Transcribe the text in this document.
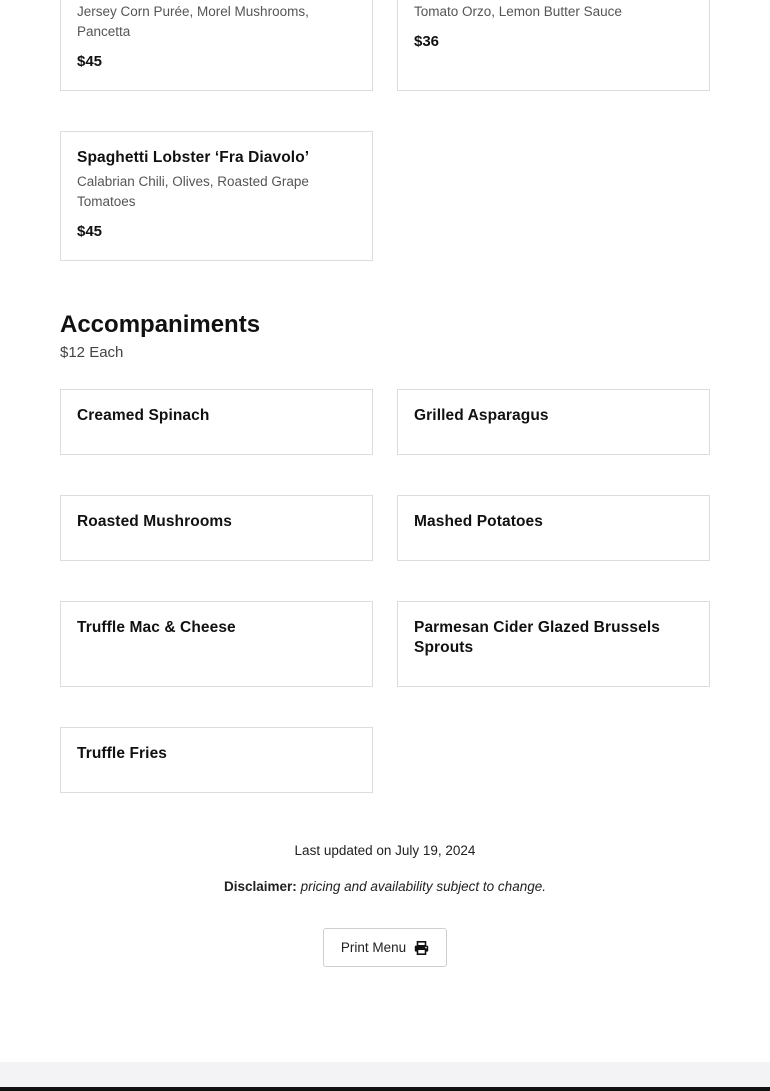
Jersey Corn Purée, Morel Mushrooms, Pancetta
$45
Tomato Orzo, Lemon Butter Sauce
$36
Spaghetti Lobster ‘Fra Diavolo’
Calabrian Chili, Olives, Roasted Grape Tomatoes
$45
Accompaniments
$12 Each
Creamed Spinach	Grilled Asparagus
Roasted Mushrooms	Mashed Potatoes
Truffle Mac & Cheese	Parmesan Cider Glazed Brussels Sprouts
Truffle Fries
Last updated on July 19, 2024
Disclaimer: pricing and availability subject to change.
Print Menu
